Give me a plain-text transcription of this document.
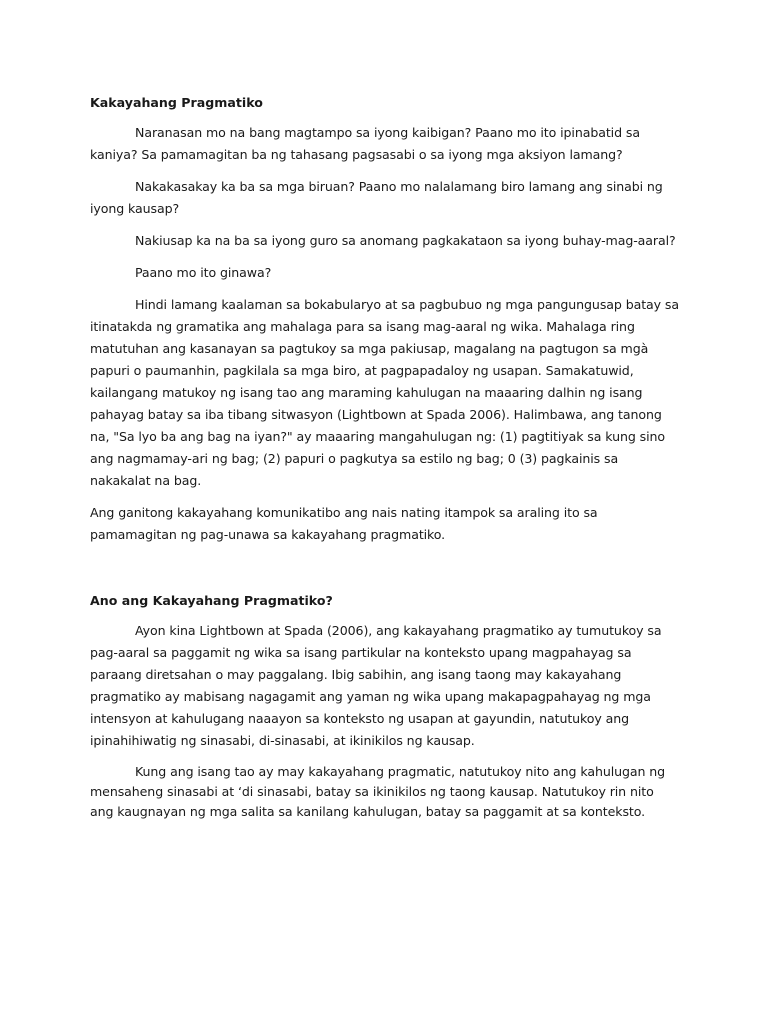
Kakayahang Pragmatiko

Naranasan mo na bang magtampo sa iyong kaibigan? Paano mo ito ipinabatid sa kaniya? Sa pamamagitan ba ng tahasang pagsasabi o sa iyong mga aksiyon lamang?

Nakakasakay ka ba sa mga biruan? Paano mo nalalamang biro lamang ang sinabi ng iyong kausap?

Nakiusap ka na ba sa iyong guro sa anomang pagkakataon sa iyong buhay-mag-aaral?

Paano mo ito ginawa?

Hindi lamang kaalaman sa bokabularyo at sa pagbubuo ng mga pangungusap batay sa itinatakda ng gramatika ang mahalaga para sa isang mag-aaral ng wika. Mahalaga ring matutuhan ang kasanayan sa pagtukoy sa mga pakiusap, magalang na pagtugon sa mgà papuri o paumanhin, pagkilala sa mga biro, at pagpapadaloy ng usapan. Samakatuwid, kailangang matukoy ng isang tao ang maraming kahulugan na maaaring dalhin ng isang pahayag batay sa iba tibang sitwasyon (Lightbown at Spada 2006). Halimbawa, ang tanong na, "Sa lyo ba ang bag na iyan?" ay maaaring mangahulugan ng: (1) pagtitiyak sa kung sino ang nagmamay-ari ng bag; (2) papuri o pagkutya sa estilo ng bag; 0 (3) pagkainis sa nakakalat na bag.

Ang ganitong kakayahang komunikatibo ang nais nating itampok sa araling ito sa pamamagitan ng pag-unawa sa kakayahang pragmatiko.

Ano ang Kakayahang Pragmatiko?

Ayon kina Lightbown at Spada (2006), ang kakayahang pragmatiko ay tumutukoy sa pag-aaral sa paggamit ng wika sa isang partikular na konteksto upang magpahayag sa paraang diretsahan o may paggalang. Ibig sabihin, ang isang taong may kakayahang pragmatiko ay mabisang nagagamit ang yaman ng wika upang makapagpahayag ng mga intensyon at kahulugang naaayon sa konteksto ng usapan at gayundin, natutukoy ang ipinahihiwatig ng sinasabi, di-sinasabi, at ikinikilos ng kausap.

Kung ang isang tao ay may kakayahang pragmatic, natutukoy nito ang kahulugan ng mensaheng sinasabi at ‘di sinasabi, batay sa ikinikilos ng taong kausap. Natutukoy rin nito ang kaugnayan ng mga salita sa kanilang kahulugan, batay sa paggamit at sa konteksto.
